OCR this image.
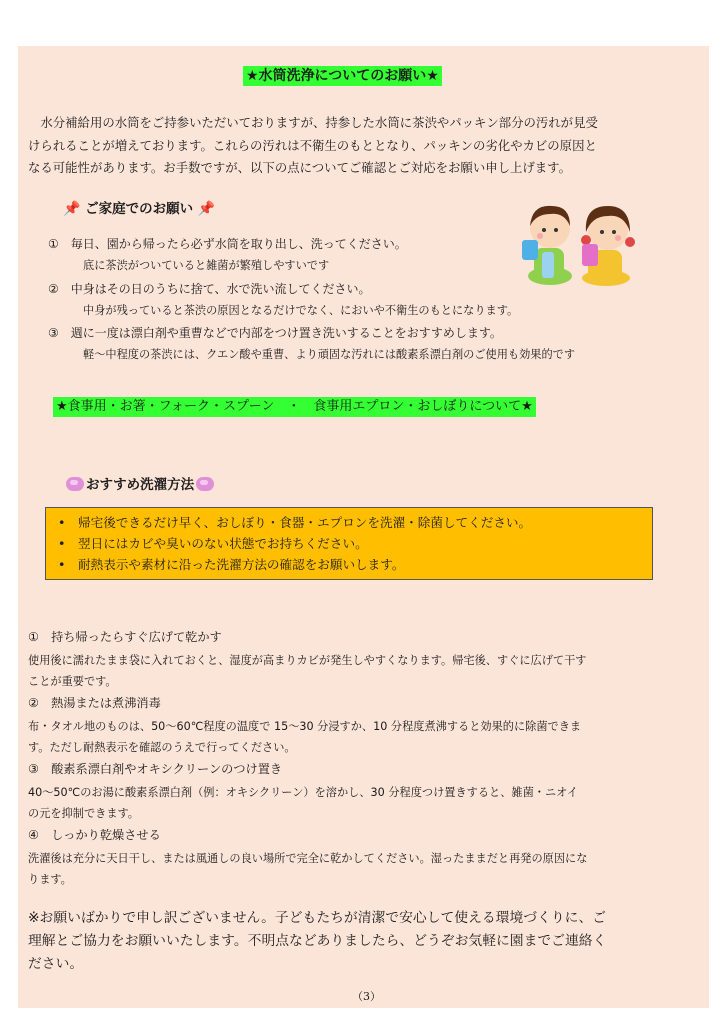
★水筒洗浄についてのお願い★
　水分補給用の水筒をご持参いただいておりますが、持参した水筒に茶渋やパッキン部分の汚れが見受
けられることが増えております。これらの汚れは不衛生のもととなり、パッキンの劣化やカビの原因と
なる可能性があります。お手数ですが、以下の点についてご確認とご対応をお願い申し上げます。
📌 ご家庭でのお願い 📌
①　毎日、園から帰ったら必ず水筒を取り出し、洗ってください。
底に茶渋がついていると雑菌が繁殖しやすいです
②　中身はその日のうちに捨て、水で洗い流してください。
中身が残っていると茶渋の原因となるだけでなく、においや不衛生のもとになります。
③　週に一度は漂白剤や重曹などで内部をつけ置き洗いすることをおすすめします。
軽～中程度の茶渋には、クエン酸や重曹、より頑固な汚れには酸素系漂白剤のご使用も効果的です
★食事用・お箸・フォーク・スプーン　・　食事用エプロン・おしぼりについて★
おすすめ洗濯方法
• 帰宅後できるだけ早く、おしぼり・食器・エプロンを洗濯・除菌してください。
• 翌日にはカビや臭いのない状態でお持ちください。
• 耐熱表示や素材に沿った洗濯方法の確認をお願いします。
①　持ち帰ったらすぐ広げて乾かす
使用後に濡れたまま袋に入れておくと、湿度が高まりカビが発生しやすくなります。帰宅後、すぐに広げて干す
ことが重要です。
②　熱湯または煮沸消毒
布・タオル地のものは、50～60℃程度の温度で 15～30 分浸すか、10 分程度煮沸すると効果的に除菌できま
す。ただし耐熱表示を確認のうえで行ってください。
③　酸素系漂白剤やオキシクリーンのつけ置き
40～50℃のお湯に酸素系漂白剤（例：オキシクリーン）を溶かし、30 分程度つけ置きすると、雑菌・ニオイ
の元を抑制できます。
④　しっかり乾燥させる
洗濯後は充分に天日干し、または風通しの良い場所で完全に乾かしてください。湿ったままだと再発の原因にな
ります。
※お願いばかりで申し訳ございません。子どもたちが清潔で安心して使える環境づくりに、ご
理解とご協力をお願いいたします。不明点などありましたら、どうぞお気軽に園までご連絡く
ださい。
（3）
